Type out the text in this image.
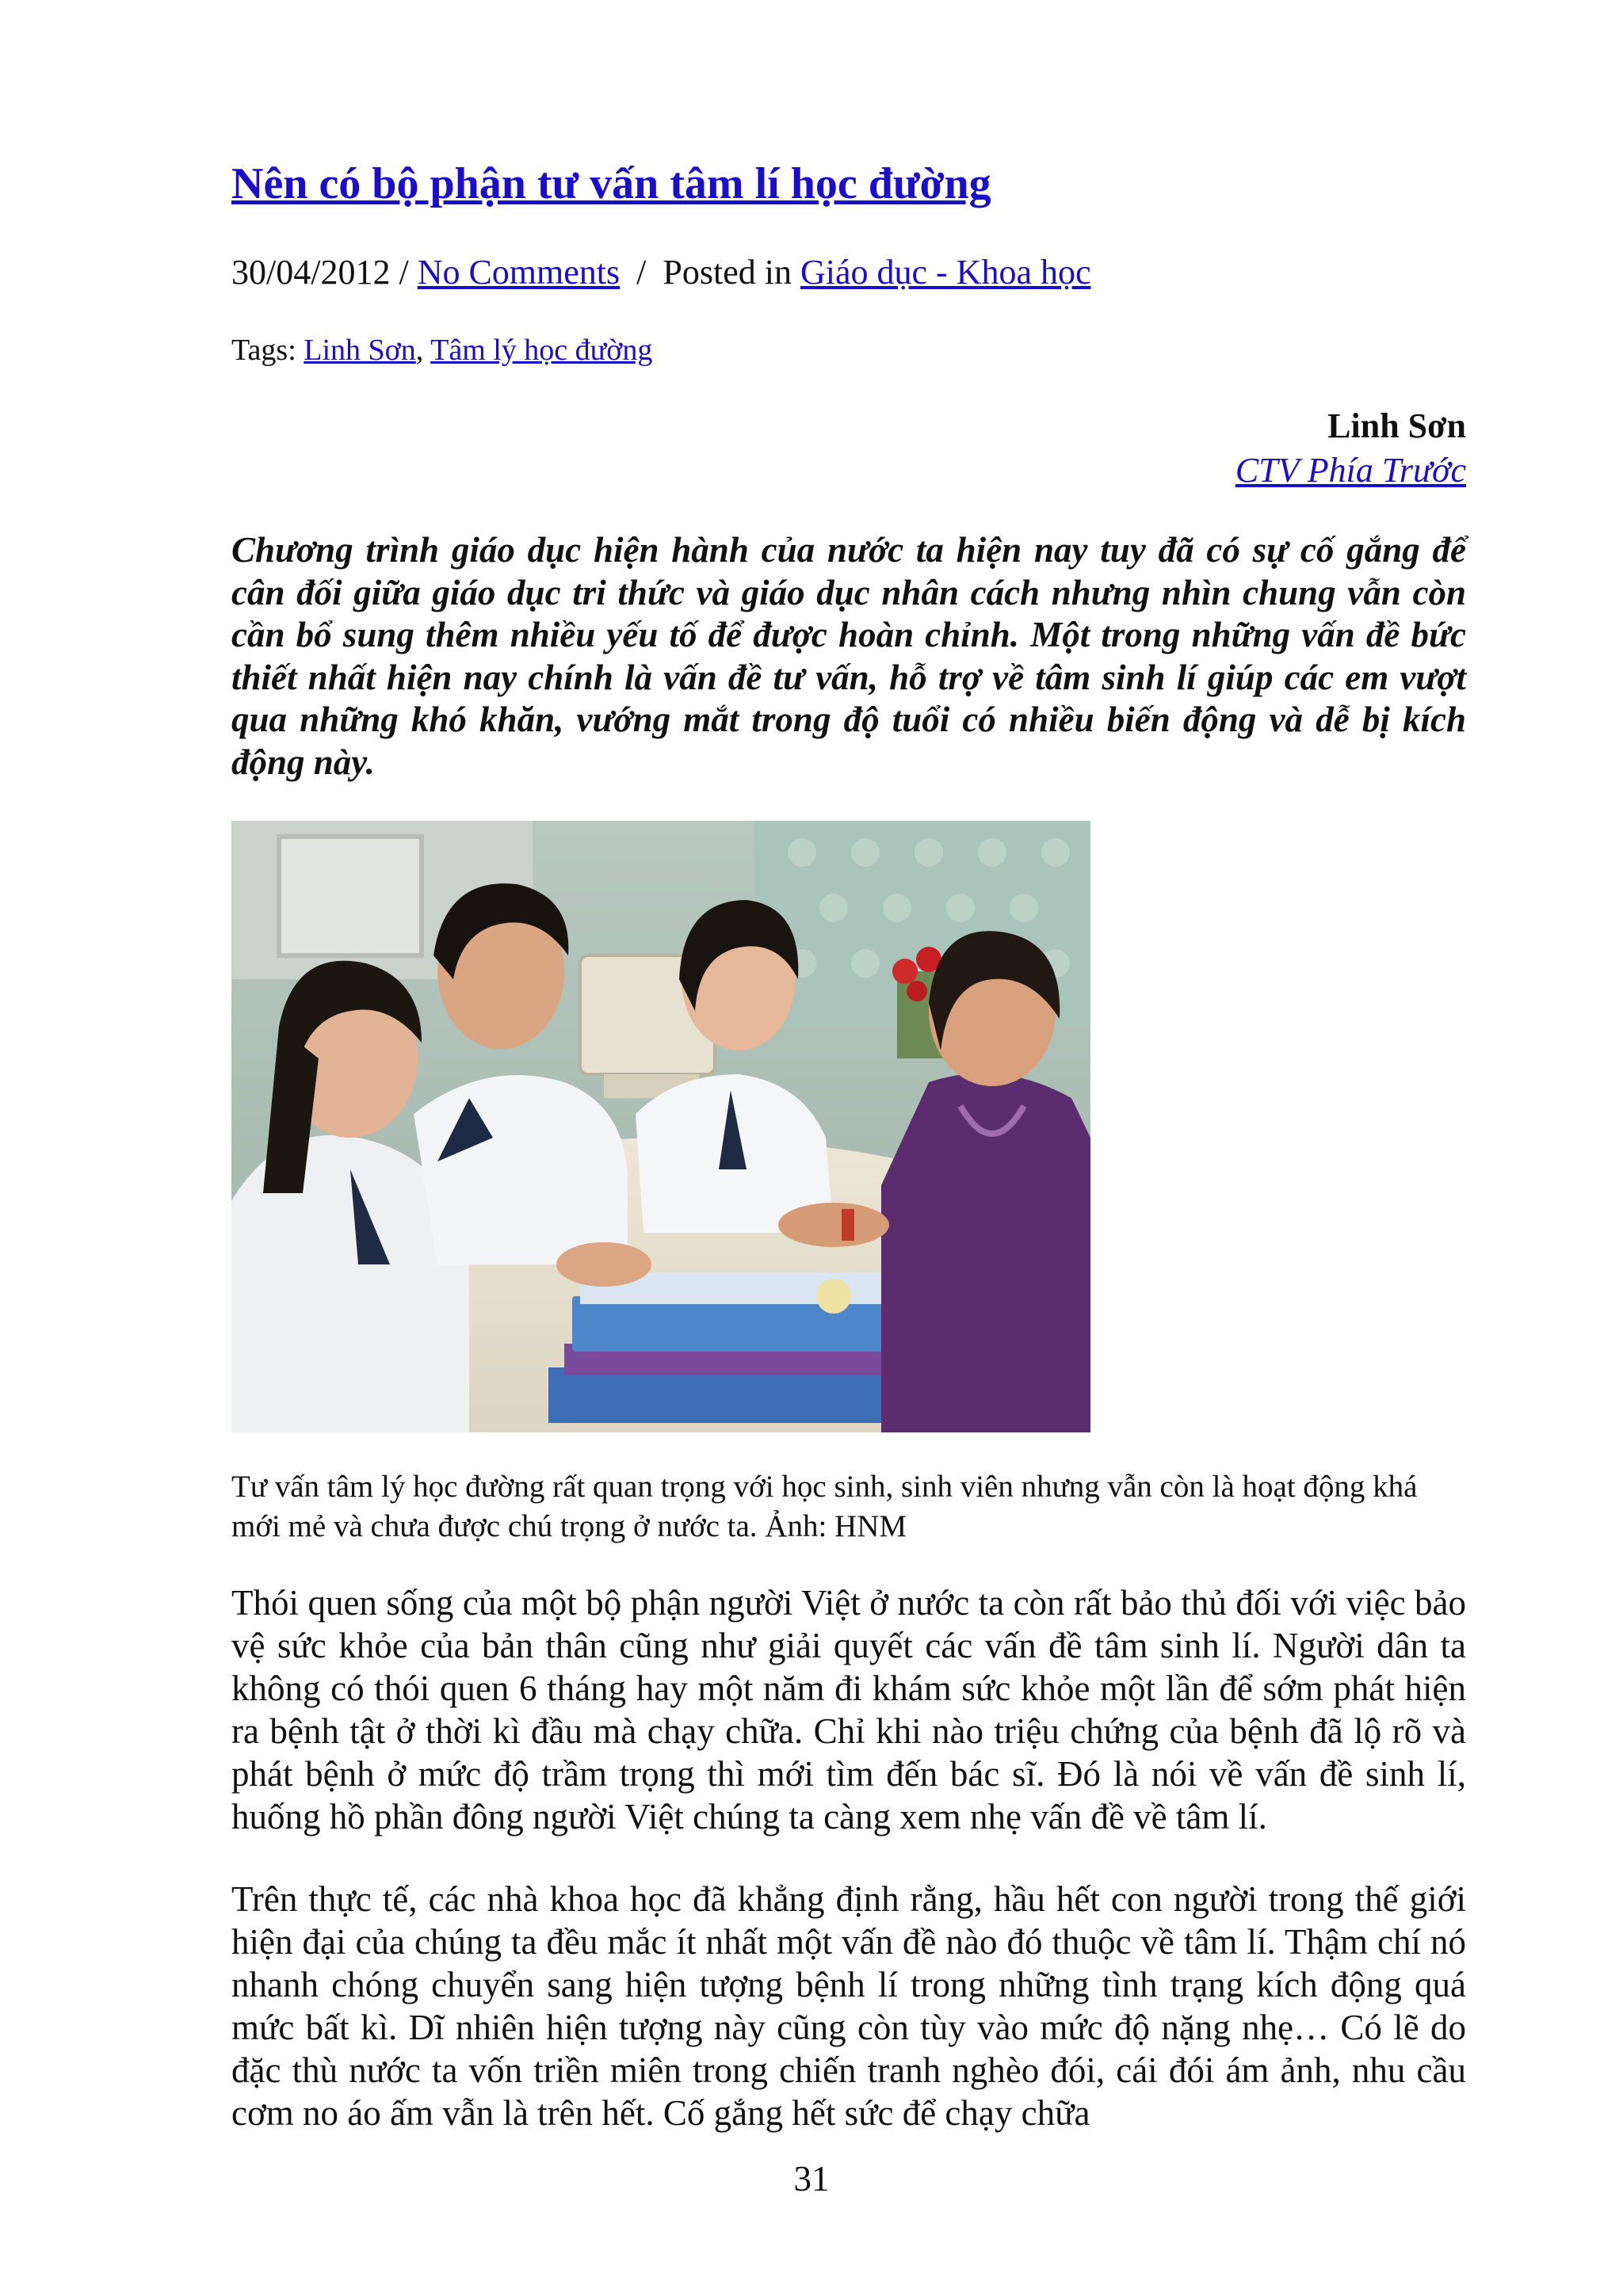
Nên có bộ phận tư vấn tâm lí học đường
30/04/2012 / No Comments / Posted in Giáo dục - Khoa học
Tags: Linh Sơn, Tâm lý học đường
Linh Sơn
CTV Phía Trước

Chương trình giáo dục hiện hành của nước ta hiện nay tuy đã có sự cố gắng để cân đối giữa giáo dục tri thức và giáo dục nhân cách nhưng nhìn chung vẫn còn cần bổ sung thêm nhiều yếu tố để được hoàn chỉnh. Một trong những vấn đề bức thiết nhất hiện nay chính là vấn đề tư vấn, hỗ trợ về tâm sinh lí giúp các em vượt qua những khó khăn, vướng mắt trong độ tuổi có nhiều biến động và dễ bị kích động này.

Tư vấn tâm lý học đường rất quan trọng với học sinh, sinh viên nhưng vẫn còn là hoạt động khá mới mẻ và chưa được chú trọng ở nước ta. Ảnh: HNM

Thói quen sống của một bộ phận người Việt ở nước ta còn rất bảo thủ đối với việc bảo vệ sức khỏe của bản thân cũng như giải quyết các vấn đề tâm sinh lí. Người dân ta không có thói quen 6 tháng hay một năm đi khám sức khỏe một lần để sớm phát hiện ra bệnh tật ở thời kì đầu mà chạy chữa. Chỉ khi nào triệu chứng của bệnh đã lộ rõ và phát bệnh ở mức độ trầm trọng thì mới tìm đến bác sĩ. Đó là nói về vấn đề sinh lí, huống hồ phần đông người Việt chúng ta càng xem nhẹ vấn đề về tâm lí.

Trên thực tế, các nhà khoa học đã khẳng định rằng, hầu hết con người trong thế giới hiện đại của chúng ta đều mắc ít nhất một vấn đề nào đó thuộc về tâm lí. Thậm chí nó nhanh chóng chuyển sang hiện tượng bệnh lí trong những tình trạng kích động quá mức bất kì. Dĩ nhiên hiện tượng này cũng còn tùy vào mức độ nặng nhẹ… Có lẽ do đặc thù nước ta vốn triền miên trong chiến tranh nghèo đói, cái đói ám ảnh, nhu cầu cơm no áo ấm vẫn là trên hết. Cố gắng hết sức để chạy chữa

31
